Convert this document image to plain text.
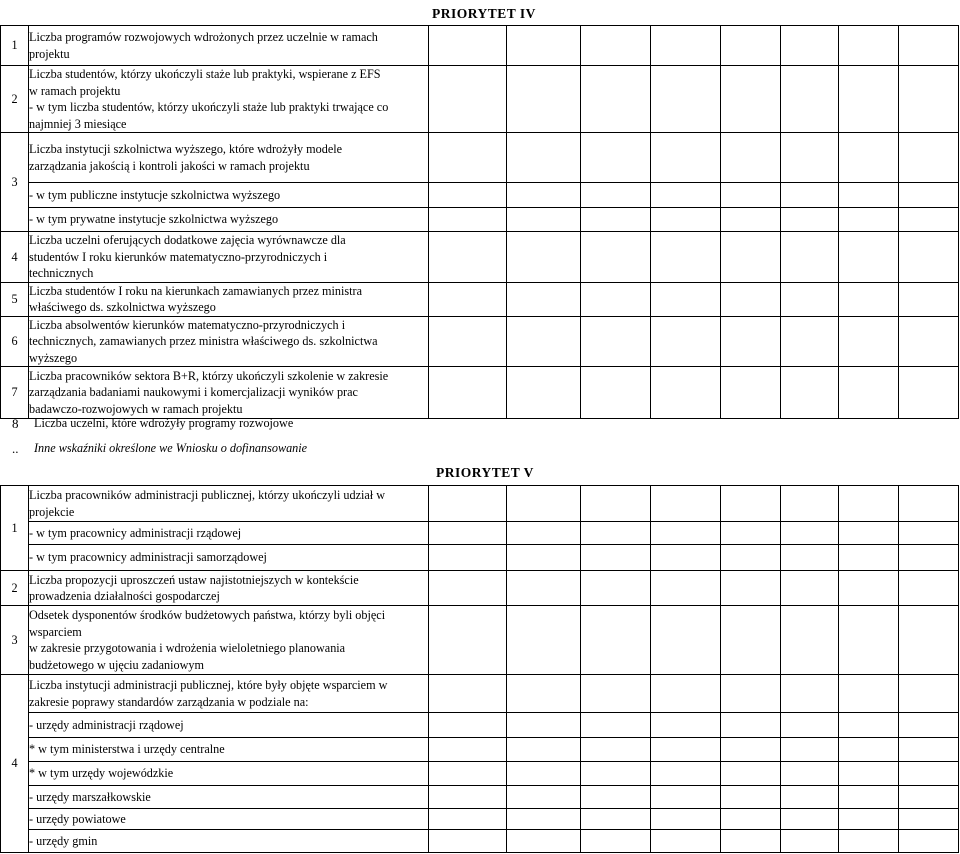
PRIORYTET IV
1	Liczba programów rozwojowych wdrożonych przez uczelnie w ramach

projektu								

2	Liczba studentów, którzy ukończyli staże lub praktyki, wspierane z EFS

w ramach projektu

- w tym liczba studentów, którzy ukończyli staże lub praktyki trwające co

najmniej 3 miesiące								

3	Liczba instytucji szkolnictwa wyższego, które wdrożyły modele

zarządzania jakością i kontroli jakości w ramach projektu								

	- w tym publiczne instytucje szkolnictwa wyższego								

	- w tym prywatne instytucje szkolnictwa wyższego								

4	Liczba uczelni oferujących dodatkowe zajęcia wyrównawcze dla

studentów I roku kierunków matematyczno-przyrodniczych i

technicznych								

5	Liczba studentów I roku na kierunkach zamawianych przez ministra

właściwego ds. szkolnictwa wyższego								

6	Liczba absolwentów kierunków matematyczno-przyrodniczych i

technicznych, zamawianych przez ministra właściwego ds. szkolnictwa

wyższego								

7	Liczba pracowników sektora B+R, którzy ukończyli szkolenie w zakresie

zarządzania badaniami naukowymi i komercjalizacji wyników prac

badawczo-rozwojowych w ramach projektu								

8 Liczba uczelni, które wdrożyły programy rozwojowe
.. Inne wskaźniki określone we Wniosku o dofinansowanie
PRIORYTET V
1	Liczba pracowników administracji publicznej, którzy ukończyli udział w

projekcie								

	- w tym pracownicy administracji rządowej								

	- w tym pracownicy administracji samorządowej								

2	Liczba propozycji uproszczeń ustaw najistotniejszych w kontekście

prowadzenia działalności gospodarczej								

3	Odsetek dysponentów środków budżetowych państwa, którzy byli objęci

wsparciem

w zakresie przygotowania i wdrożenia wieloletniego planowania

budżetowego w ujęciu zadaniowym								

4	Liczba instytucji administracji publicznej, które były objęte wsparciem w

zakresie poprawy standardów zarządzania w podziale na:								

	- urzędy administracji rządowej								

	* w tym ministerstwa i urzędy centralne								

	* w tym urzędy wojewódzkie								

	- urzędy marszałkowskie								

	- urzędy powiatowe								

	- urzędy gmin								
